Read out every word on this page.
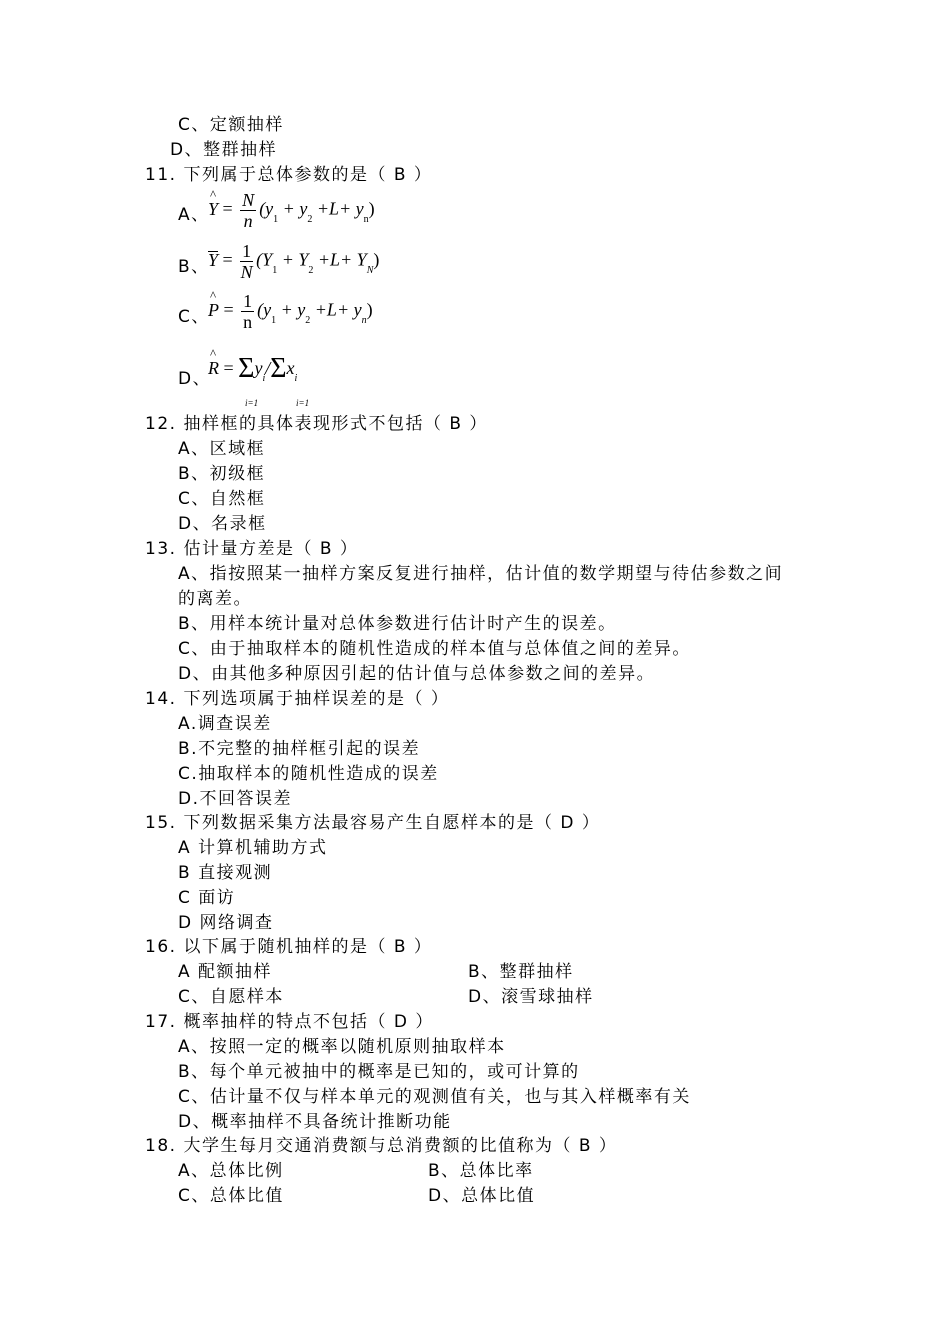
C、定额抽样
D、整群抽样
11. 下列属于总体参数的是（ B ）
A、
^ $Y = \frac{N}{n} (y_1 + y_2 +L+ y_n)$
B、
$Y = \frac{1}{N} (Y_1 + Y_2 +L+ Y_N)$
C、
^ $P = \frac{1}{n} (y_1 + y_2 +L+ y_n)$
D、
^ $R = \Sigma y_i/\Sigma x_i$
i=1	i=1
12. 抽样框的具体表现形式不包括（ B ）
A、区域框
B、初级框
C、自然框
D、名录框
13. 估计量方差是（ B ）
A、指按照某一抽样方案反复进行抽样，估计值的数学期望与待估参数之间
的离差。
B、用样本统计量对总体参数进行估计时产生的误差。
C、由于抽取样本的随机性造成的样本值与总体值之间的差异。
D、由其他多种原因引起的估计值与总体参数之间的差异。
14. 下列选项属于抽样误差的是（ ）
A.调查误差
B.不完整的抽样框引起的误差
C.抽取样本的随机性造成的误差
D.不回答误差
15. 下列数据采集方法最容易产生自愿样本的是（ D ）
A 计算机辅助方式
B 直接观测
C 面访
D 网络调查
16. 以下属于随机抽样的是（ B ）
A 配额抽样	B、整群抽样
C、自愿样本	D、滚雪球抽样
17. 概率抽样的特点不包括（ D ）
A、按照一定的概率以随机原则抽取样本
B、每个单元被抽中的概率是已知的，或可计算的
C、估计量不仅与样本单元的观测值有关，也与其入样概率有关
D、概率抽样不具备统计推断功能
18. 大学生每月交通消费额与总消费额的比值称为（ B ）
A、总体比例	B、总体比率
C、总体比值	D、总体比值
